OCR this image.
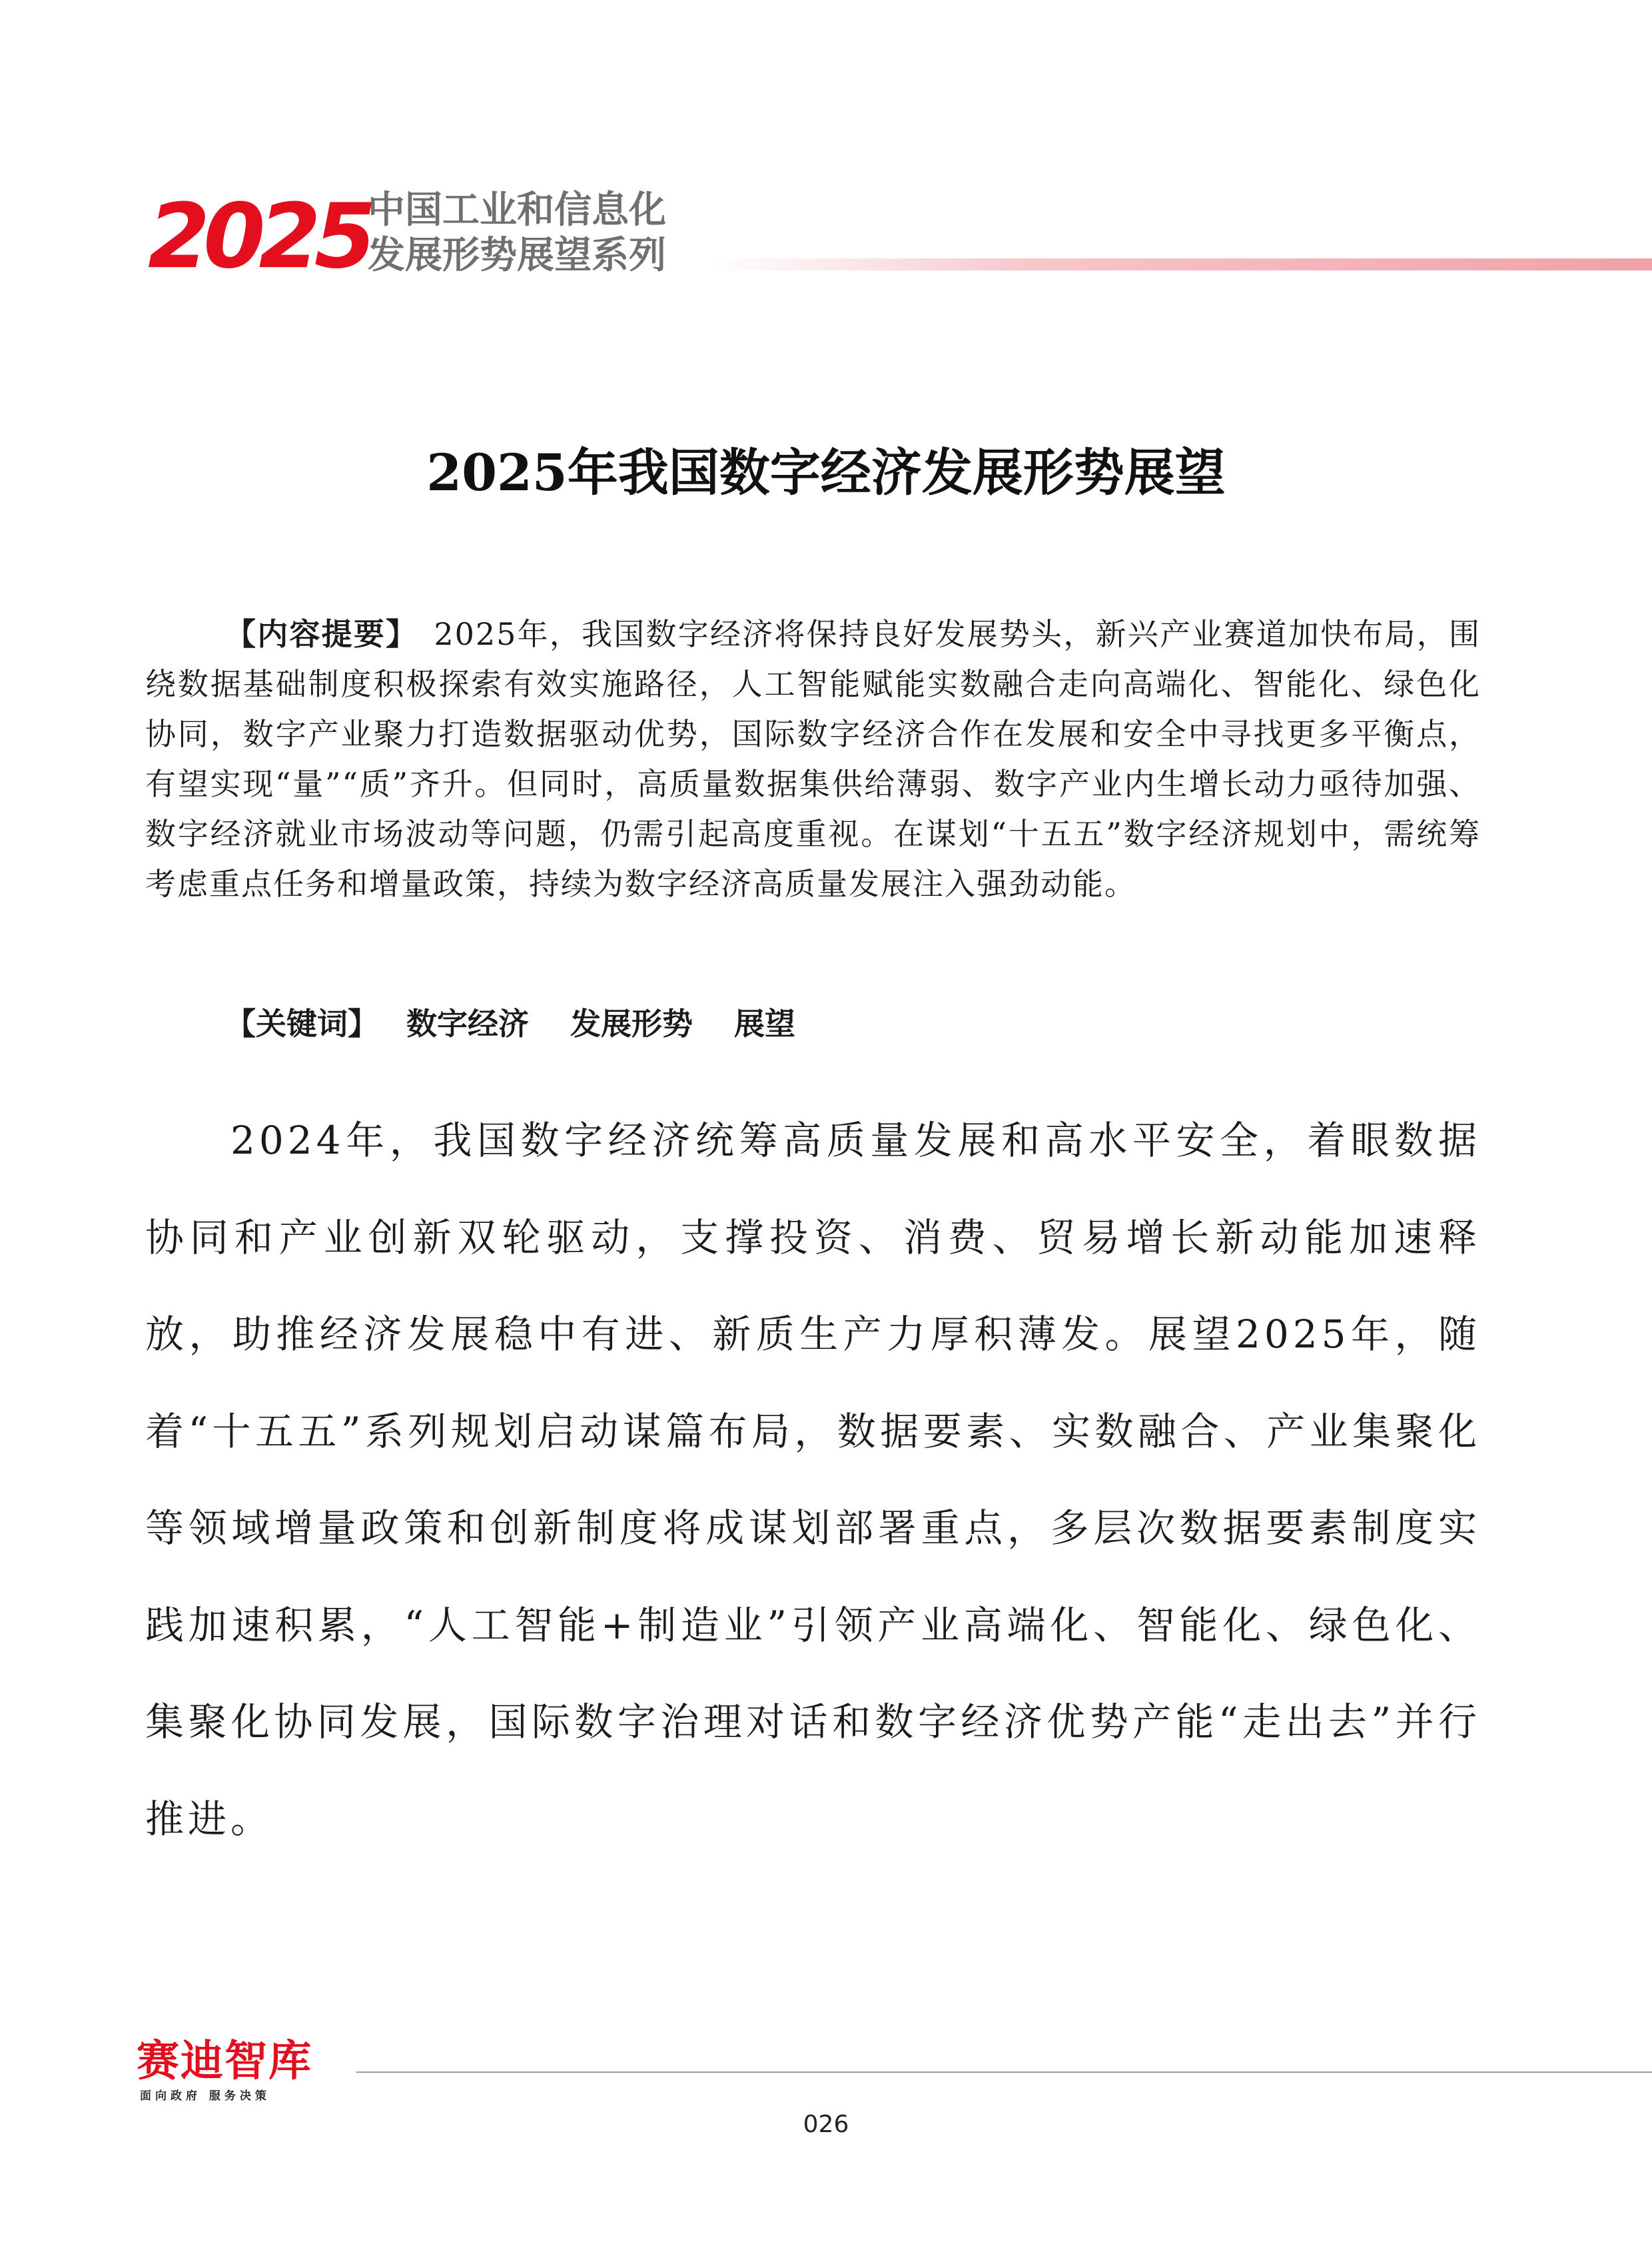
2025
中国工业和信息化
发展形势展望系列
2025年我国数字经济发展形势展望
【内容提要】 2025年，我国数字经济将保持良好发展势头，新兴产业赛道加快布局，围绕数据基础制度积极探索有效实施路径，人工智能赋能实数融合走向高端化、智能化、绿色化协同，数字产业聚力打造数据驱动优势，国际数字经济合作在发展和安全中寻找更多平衡点，有望实现“量”“质”齐升。但同时，高质量数据集供给薄弱、数字产业内生增长动力亟待加强、数字经济就业市场波动等问题，仍需引起高度重视。在谋划“十五五”数字经济规划中，需统筹考虑重点任务和增量政策，持续为数字经济高质量发展注入强劲动能。
【关键词】 数字经济 发展形势 展望
2024年，我国数字经济统筹高质量发展和高水平安全，着眼数据协同和产业创新双轮驱动，支撑投资、消费、贸易增长新动能加速释放，助推经济发展稳中有进、新质生产力厚积薄发。展望2025年，随着“十五五”系列规划启动谋篇布局，数据要素、实数融合、产业集聚化等领域增量政策和创新制度将成谋划部署重点，多层次数据要素制度实践加速积累，“人工智能+制造业”引领产业高端化、智能化、绿色化、集聚化协同发展，国际数字治理对话和数字经济优势产能“走出去”并行推进。
赛迪智库
面向政府 服务决策
026
